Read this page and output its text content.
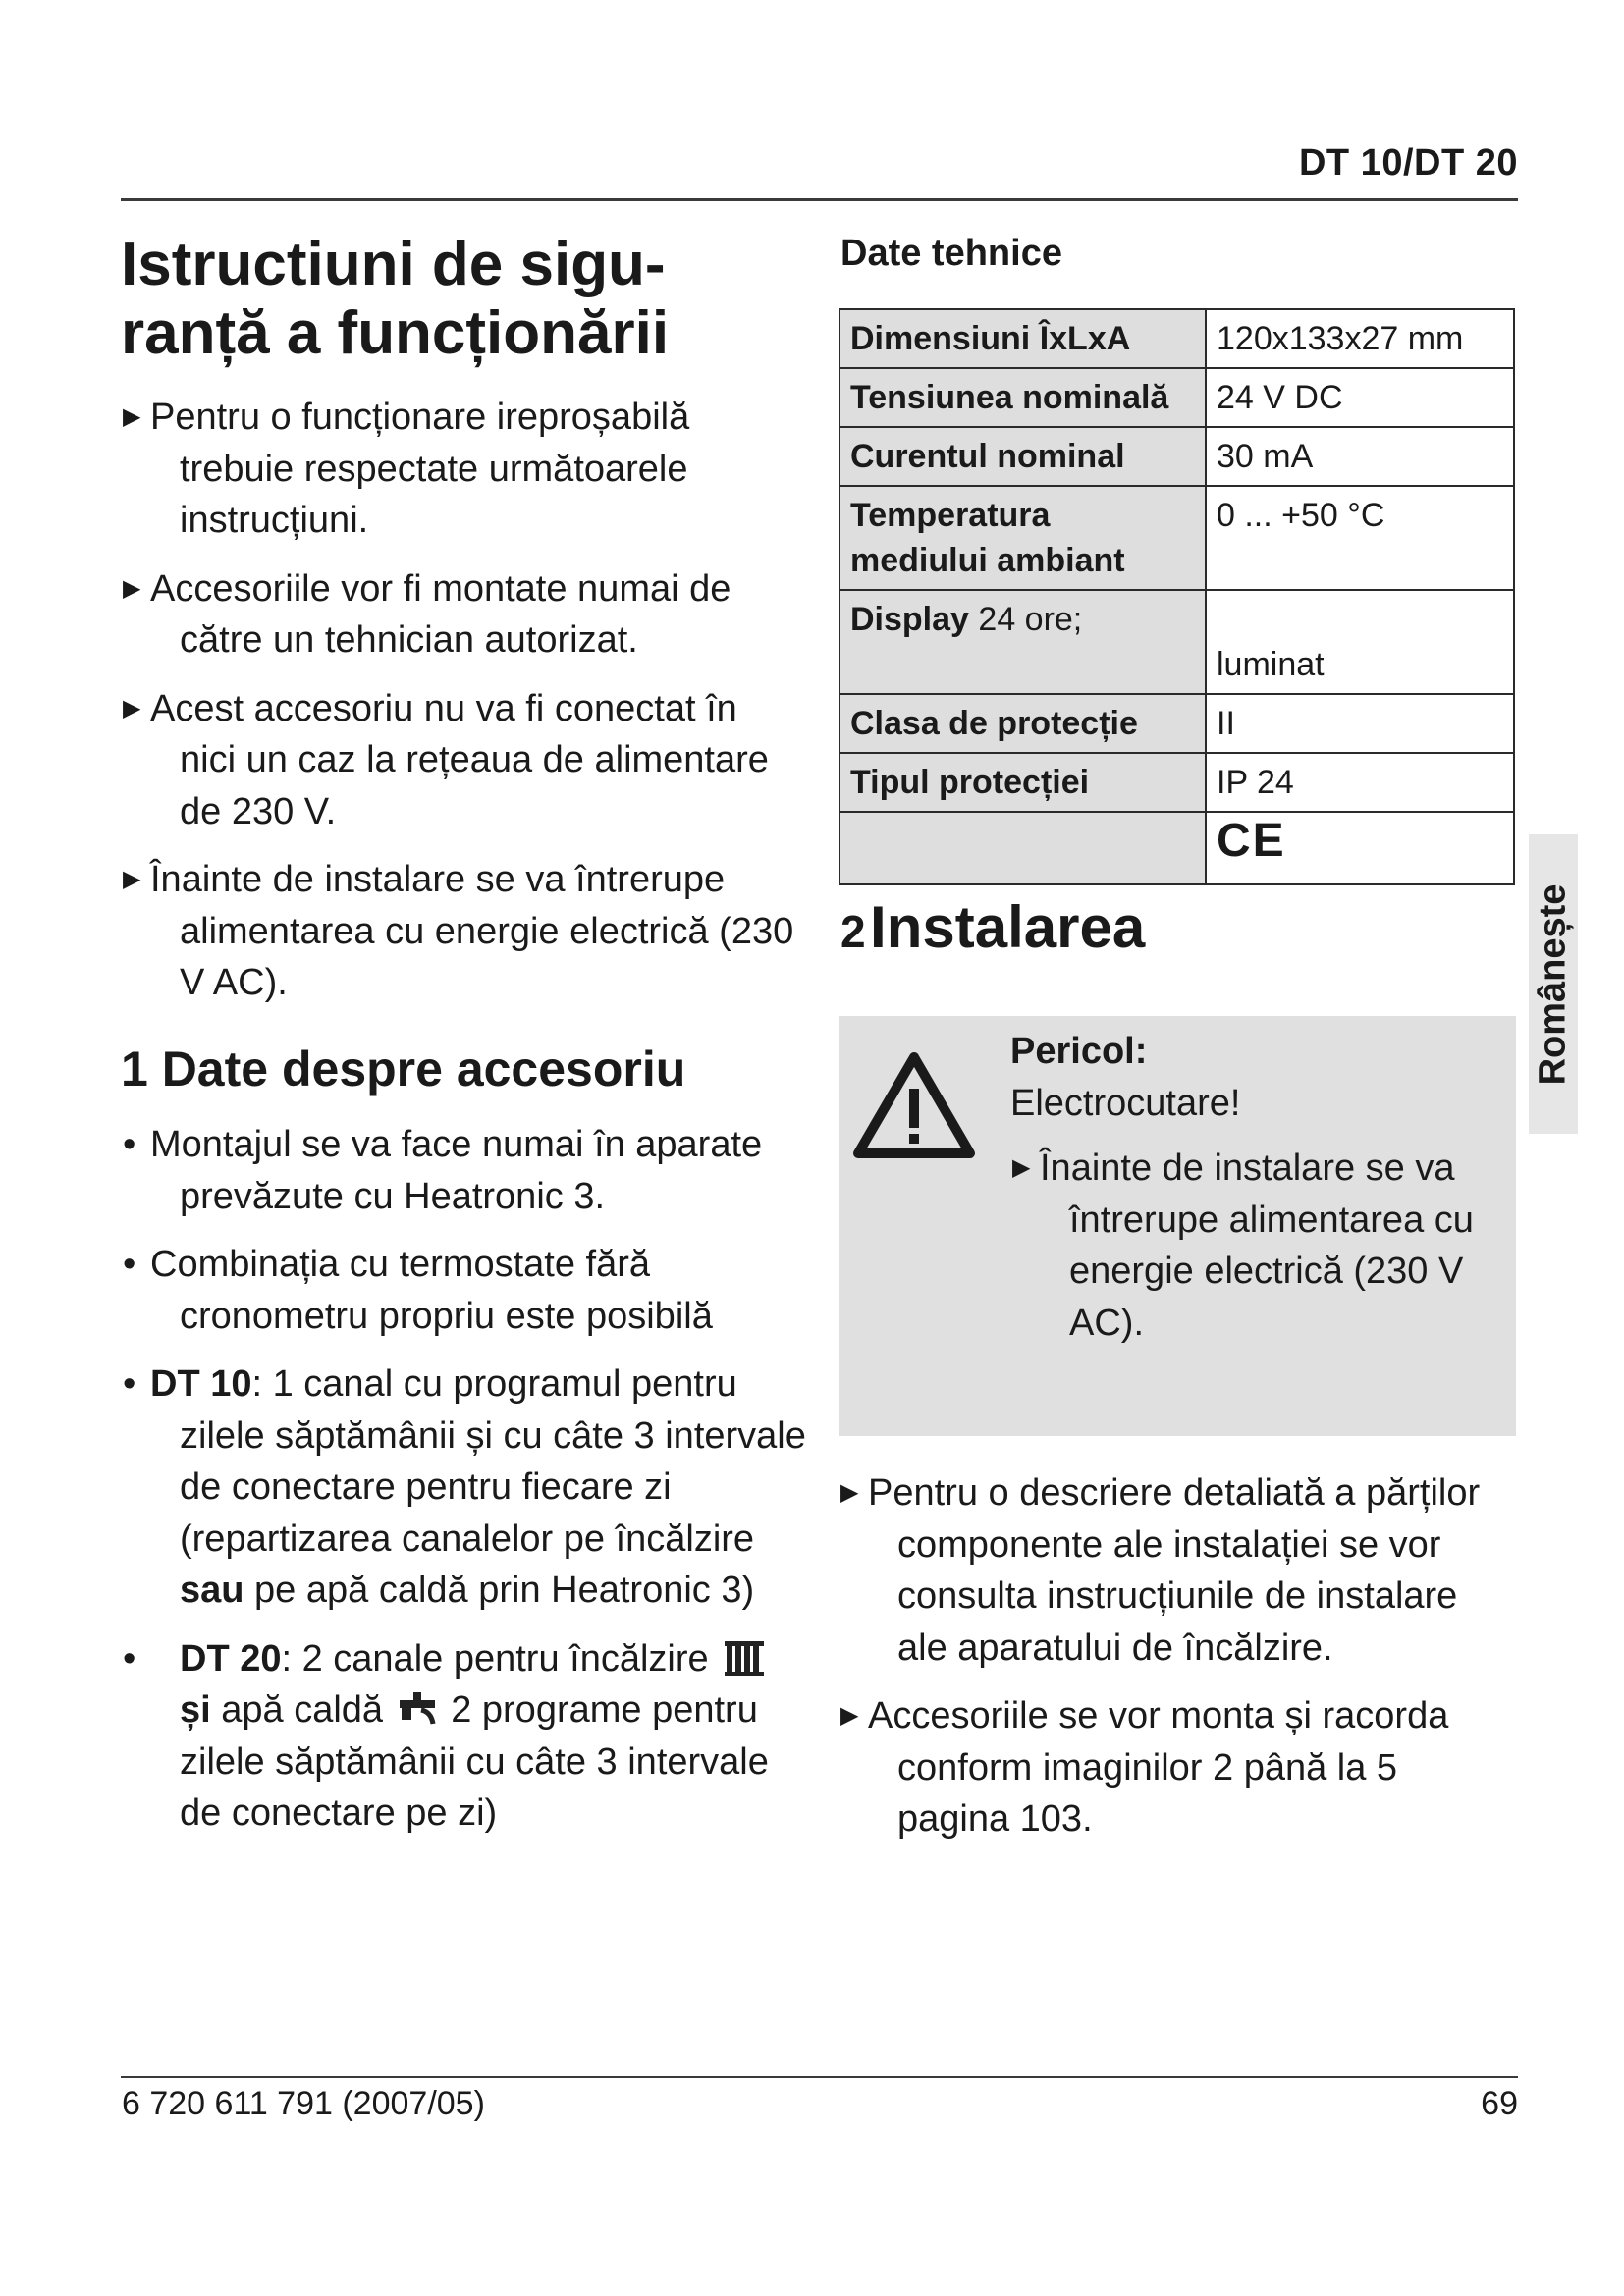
DT 10/DT 20
Istructiuni de sigu-
ranță a funcționării
▶ Pentru o funcționare ireproșabilă trebuie respectate următoarele instrucțiuni.
▶ Accesoriile vor fi montate numai de către un tehnician autorizat.
▶ Acest accesoriu nu va fi conectat în nici un caz la rețeaua de alimentare de 230 V.
▶ Înainte de instalare se va întrerupe alimentarea cu energie electrică (230 V AC).
1 Date despre accesoriu
• Montajul se va face numai în aparate prevăzute cu Heatronic 3.
• Combinația cu termostate fără cronometru propriu este posibilă
• DT 10: 1 canal cu programul pentru zilele săptămânii și cu câte 3 intervale de conectare pentru fiecare zi (repartizarea canalelor pe încălzire sau pe apă caldă prin Heatronic 3)
• DT 20: 2 canale pentru încălzire  și apă caldă 2 programe pentru zilele săptămânii cu câte 3 intervale de conectare pe zi)
Date tehnice
Dimensiuni ÎxLxA	120x133x27 mm
Tensiunea nominală	24 V DC
Curentul nominal	30 mA
Temperatura mediului ambiant	0 ... +50 °C
Display 24 ore;	luminat
Clasa de protecție	II
Tipul protecției	IP 24
	CE
2 Instalarea
Pericol:
Electrocutare!
▶ Înainte de instalare se va întrerupe alimentarea cu energie electrică (230 V AC).
▶ Pentru o descriere detaliată a părților componente ale instalației se vor consulta instrucțiunile de instalare ale aparatului de încălzire.
▶ Accesoriile se vor monta și racorda conform imaginilor 2 până la 5 pagina 103.
Românește
6 720 611 791 (2007/05)	69
